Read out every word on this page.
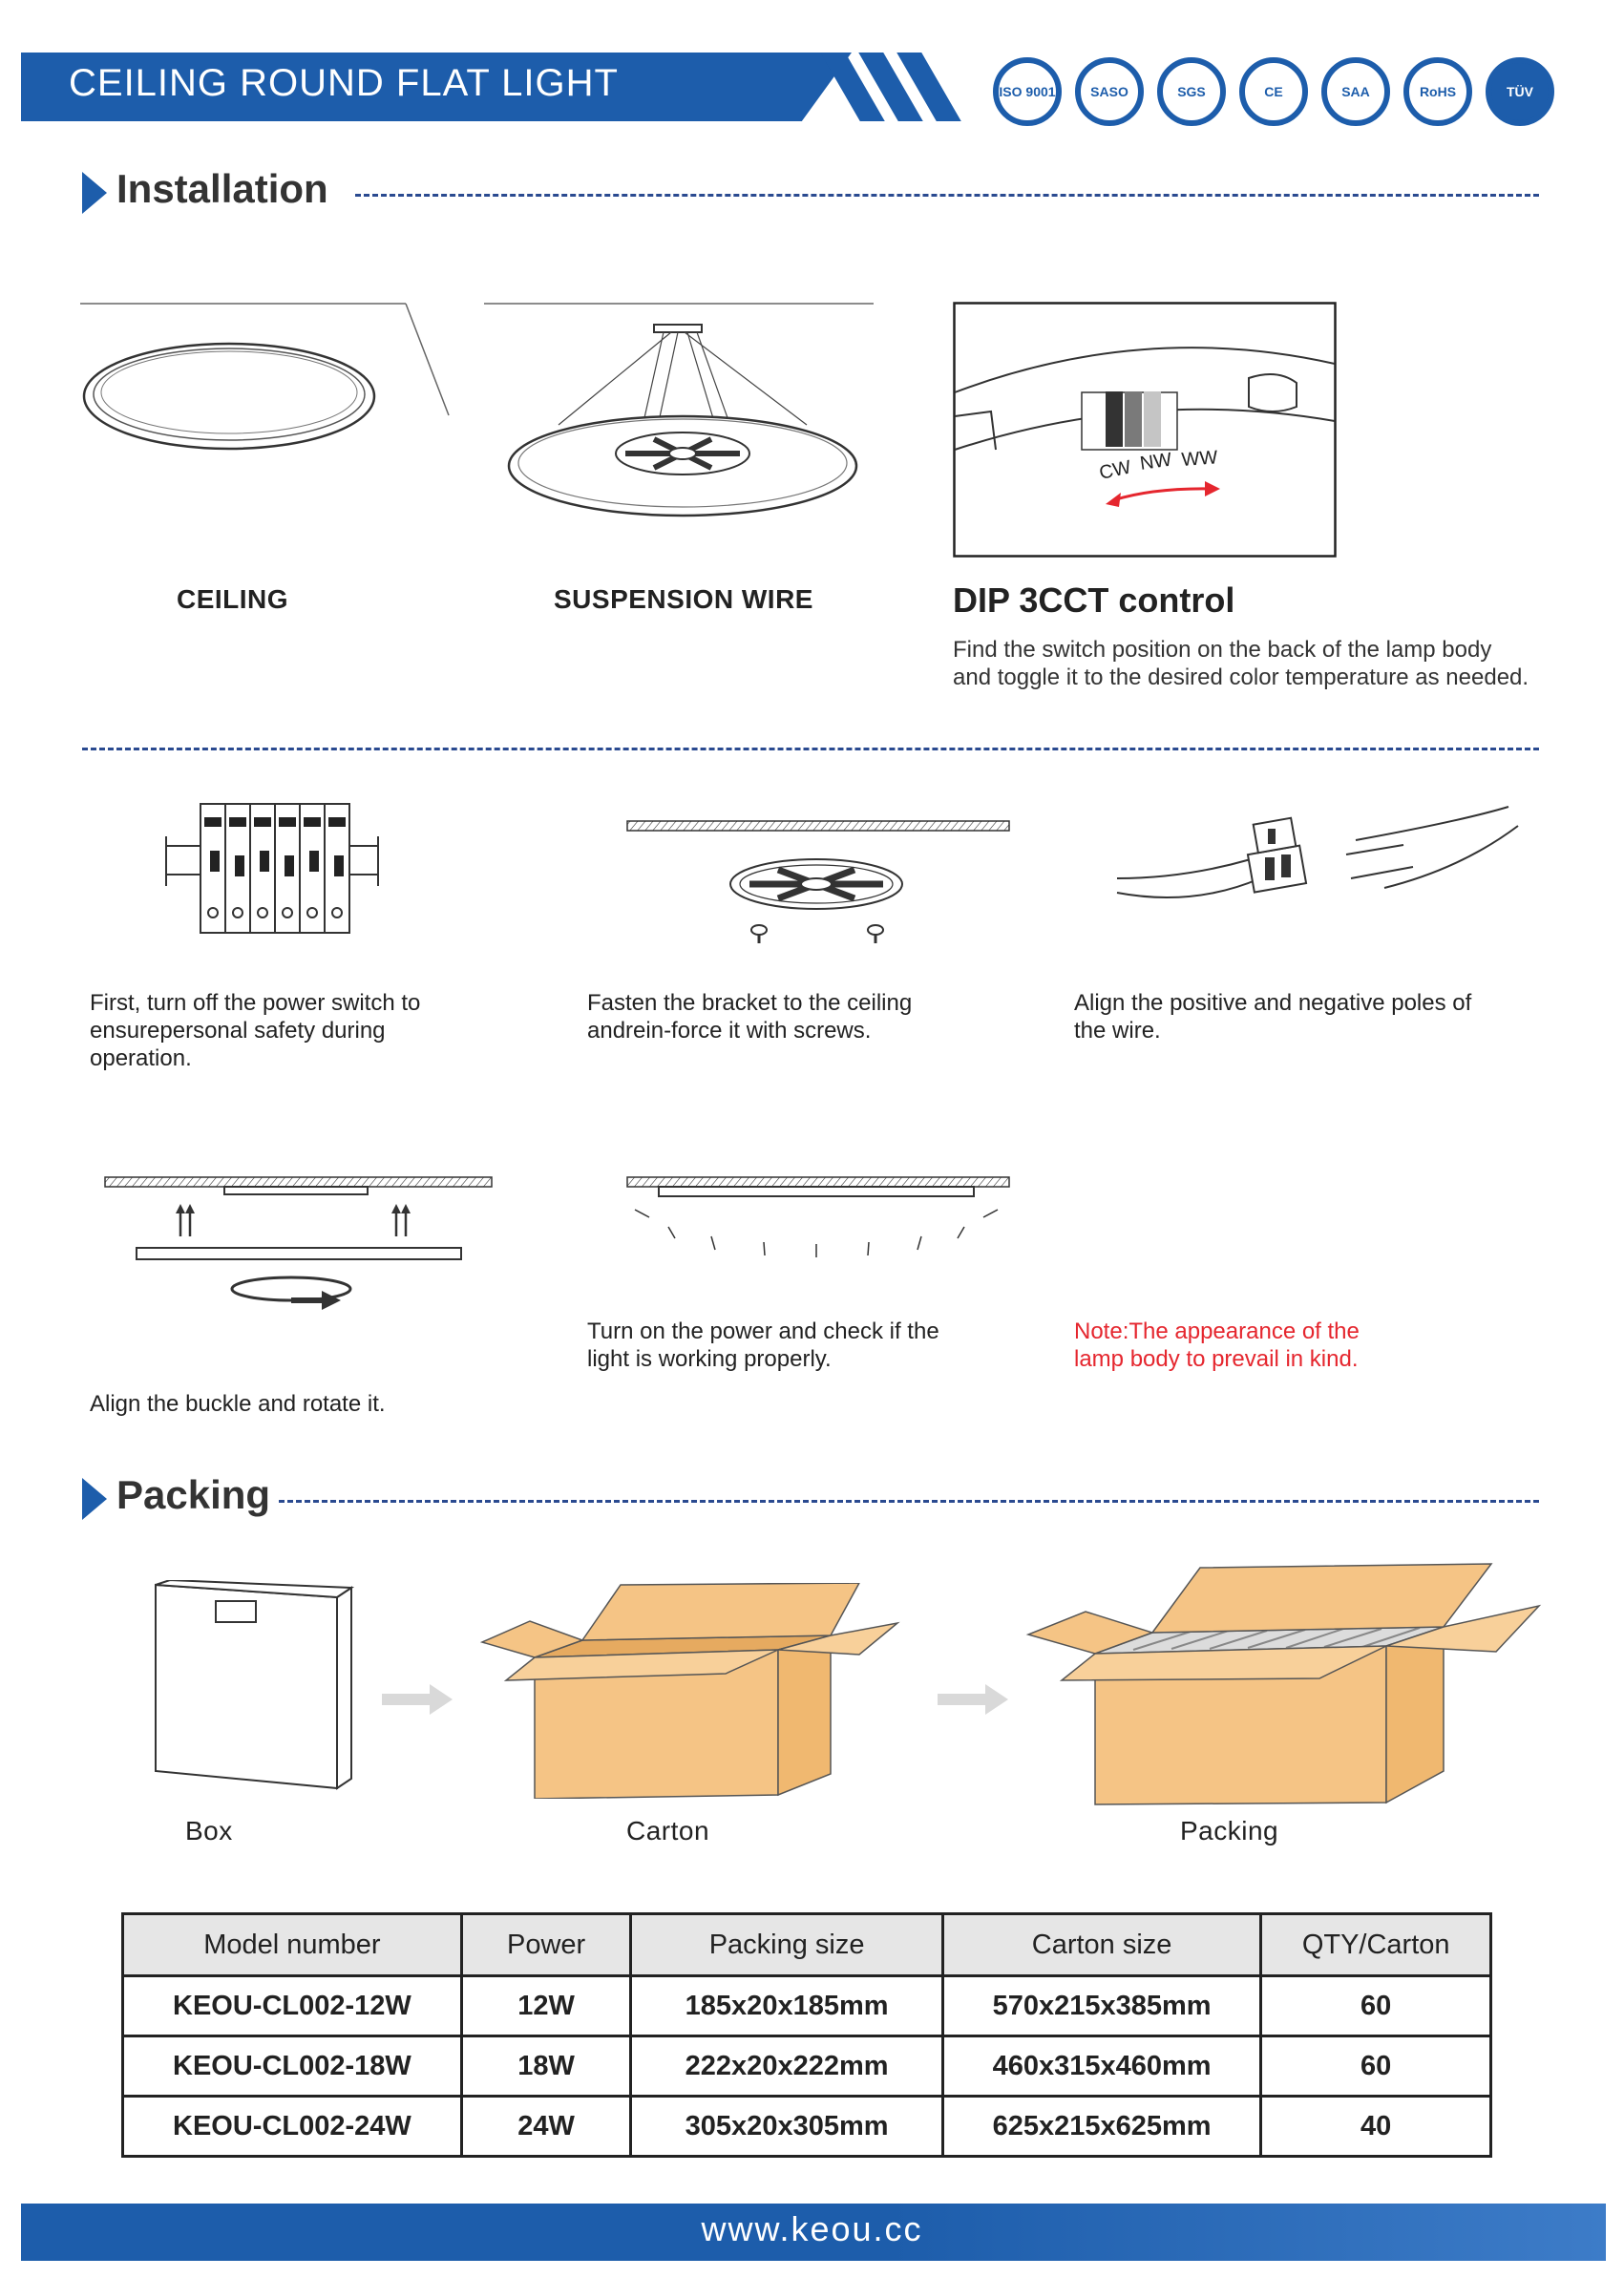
CEILING ROUND FLAT LIGHT	ISO 9001	SASO	SGS	CE	SAA	RoHS	TÜV
Installation
CEILING	SUSPENSION WIRE
CW NW WW
DIP 3CCT control
Find the switch position on the back of the lamp body
and toggle it to the desired color temperature as needed.
First, turn off the power switch to
ensurepersonal safety during
operation.
Fasten the bracket to the ceiling
andrein-force it with screws.
Align the positive and negative poles of
the wire.
Align the buckle and rotate it.
Turn on the power and check if the
light is working properly.
Note:The appearance of the
lamp body to prevail in kind.
Packing
Box	Carton	Packing
Model number	Power	Packing size	Carton size	QTY/Carton
KEOU-CL002-12W	12W	185x20x185mm	570x215x385mm	60
KEOU-CL002-18W	18W	222x20x222mm	460x315x460mm	60
KEOU-CL002-24W	24W	305x20x305mm	625x215x625mm	40
www.keou.cc
